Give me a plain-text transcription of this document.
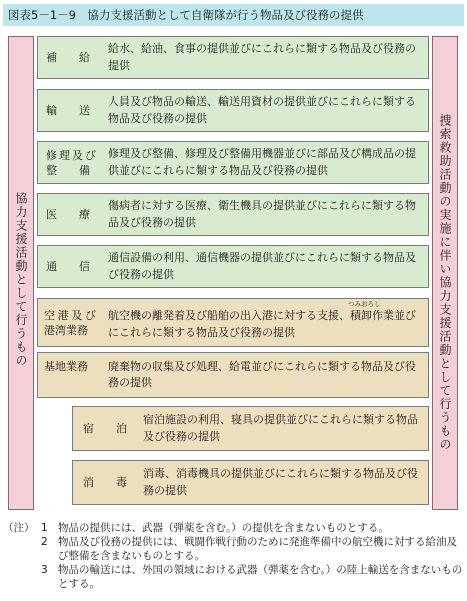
図表5－1－9　協力支援活動として自衛隊が行う物品及び役務の提供
協力支援活動として行うもの	捜索救助活動の実施に伴い協力支援活動として行うもの
補　　給
給水、給油、食事の提供並びにこれらに類する物品及び役務の提供
輸　　送
人員及び物品の輸送、輸送用資材の提供並びにこれらに類する物品及び役務の提供
修理及び整　　備
修理及び整備、修理及び整備用機器並びに部品及び構成品の提供並びにこれらに類する物品及び役務の提供
医　　療
傷病者に対する医療、衛生機具の提供並びにこれらに類する物品及び役務の提供
通　　信
通信設備の利用、通信機器の提供並びにこれらに類する物品及び役務の提供
空港及び港湾業務
航空機の離発着及び船舶の出入港に対する支援、
つみおろし
積卸作業並びにこれらに類する物品及び役務の提供
基地業務	廃棄物の収集及び処理、給電並びにこれらに類する物品及び役務の提供
宿　　泊
宿泊施設の利用、寝具の提供並びにこれらに類する物品及び役務の提供
消　　毒
消毒、消毒機具の提供並びにこれらに類する物品及び役務の提供
（注） 1 物品の提供には、武器（弾薬を含む。）の提供を含まないものとする。
2 物品及び役務の提供には、戦闘作戦行動のために発進準備中の航空機に対する給油及び整備を含まないものとする。
3 物品の輸送には、外国の領域における武器（弾薬を含む。）の陸上輸送を含まないものとする。
